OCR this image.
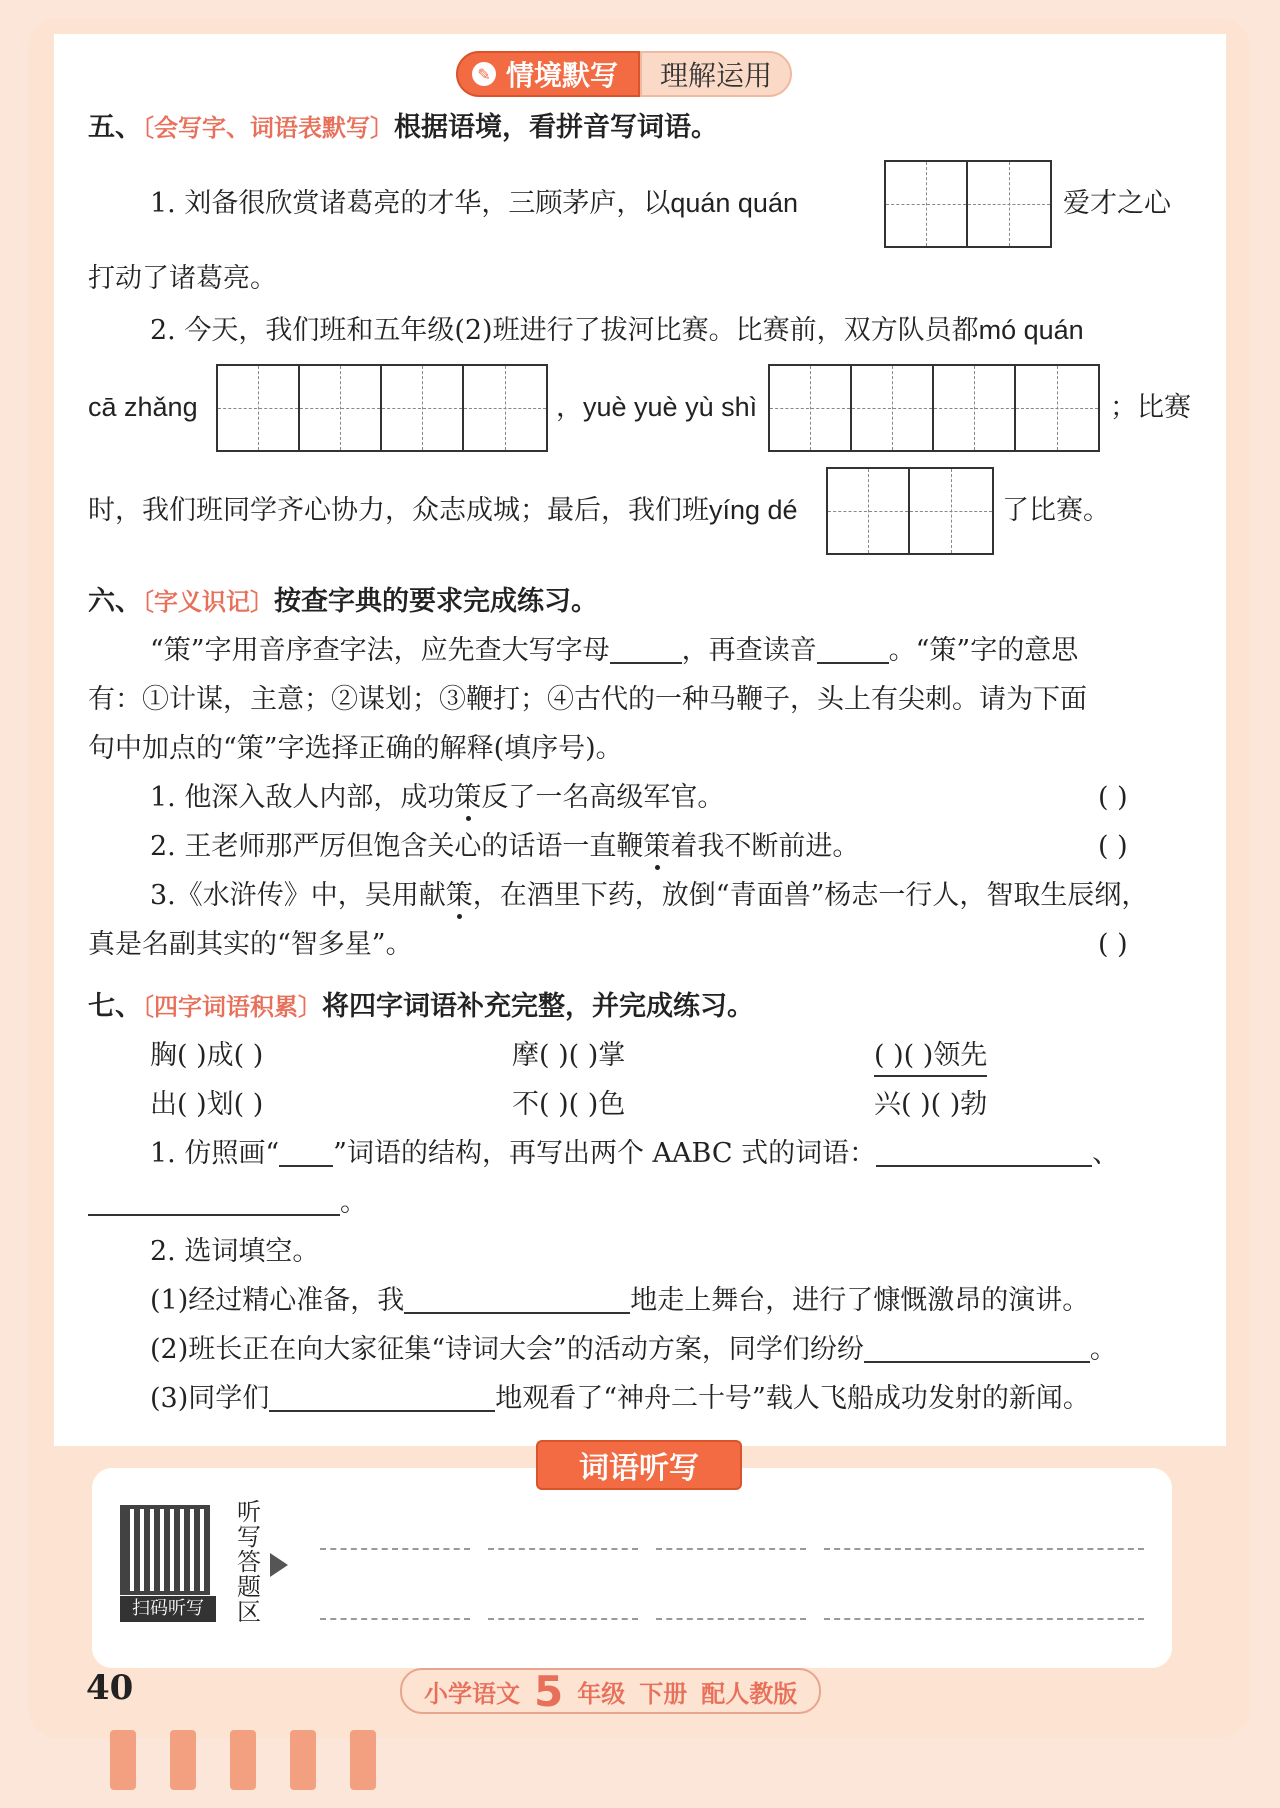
✎ 情境默写	理解运用
五、〔会写字、词语表默写〕根据语境，看拼音写词语。
1. 刘备很欣赏诸葛亮的才华，三顾茅庐，以quán quán	爱才之心
打动了诸葛亮。
2. 今天，我们班和五年级(2)班进行了拔河比赛。比赛前，双方队员都mó quán
cā zhǎng	，yuè yuè yù shì	；比赛
时，我们班同学齐心协力，众志成城；最后，我们班yíng dé	了比赛。
六、〔字义识记〕按查字典的要求完成练习。
“策”字用音序查字法，应先查大写字母	，再查读音	。“策”字的意思
有：①计谋，主意；②谋划；③鞭打；④古代的一种马鞭子，头上有尖刺。请为下面
句中加点的“策”字选择正确的解释(填序号)。
1. 他深入敌人内部，成功策反了一名高级军官。	( )
2. 王老师那严厉但饱含关心的话语一直鞭策着我不断前进。	( )
3.《水浒传》中，吴用献策，在酒里下药，放倒“青面兽”杨志一行人，智取生辰纲，
真是名副其实的“智多星”。	( )
七、〔四字词语积累〕将四字词语补充完整，并完成练习。
胸( )成( )	摩( )( )掌	( )( )领先
出( )划( )	不( )( )色	兴( )( )勃
1. 仿照画“ ”词语的结构，再写出两个 AABC 式的词语：	、
。
2. 选词填空。
(1)经过精心准备，我	地走上舞台，进行了慷慨激昂的演讲。
(2)班长正在向大家征集“诗词大会”的活动方案，同学们纷纷	。
(3)同学们	地观看了“神舟二十号”载人飞船成功发射的新闻。
词语听写
扫码听写
听写答题区
40	小学语文 5 年级 下册 配人教版
